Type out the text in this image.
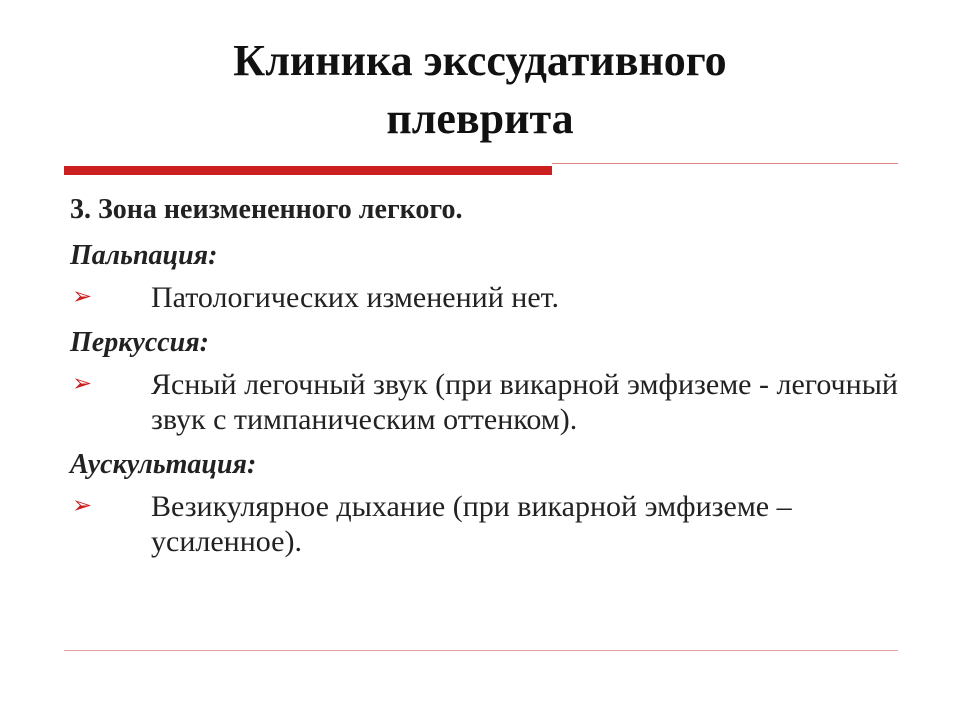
Клиника экссудативного
плеврита
3. Зона неизмененного легкого.
Пальпация:
➢ Патологических изменений нет.
Перкуссия:
➢ Ясный легочный звук (при викарной эмфиземе - легочный звук с тимпаническим оттенком).
Аускультация:
➢ Везикулярное дыхание (при викарной эмфиземе – усиленное).
